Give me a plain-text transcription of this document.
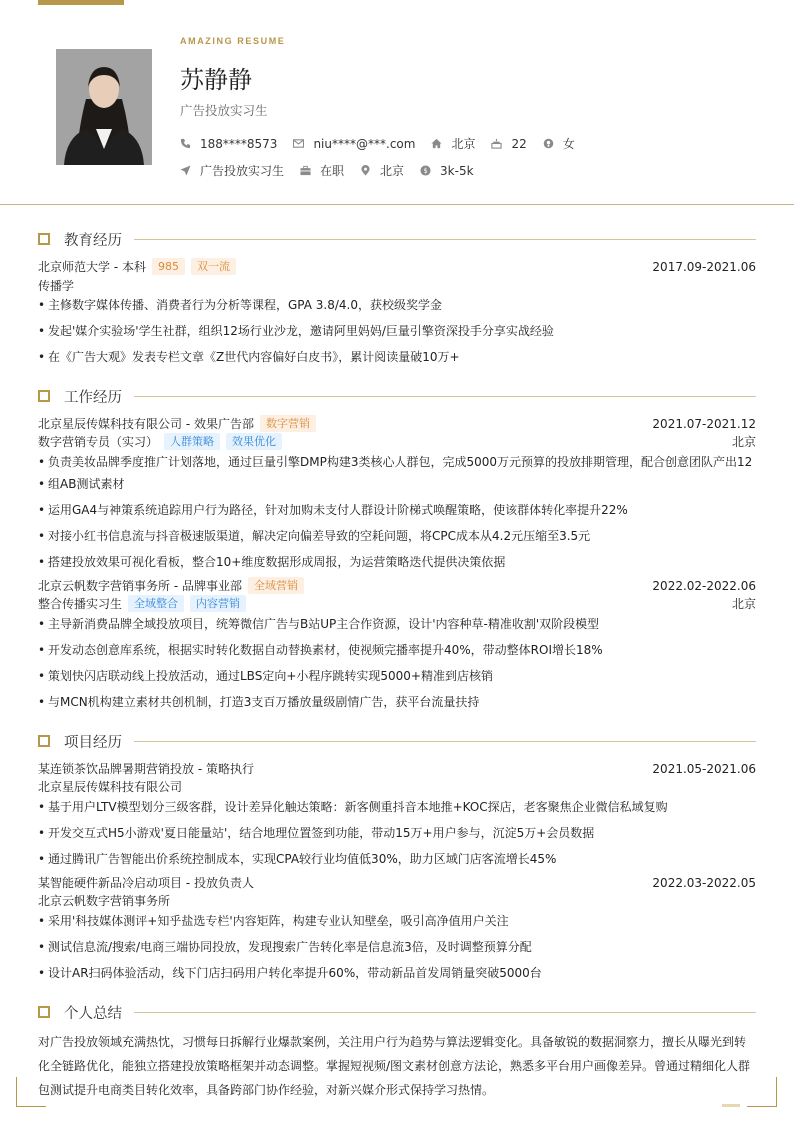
AMAZING RESUME
苏静静
广告投放实习生
188****8573	niu****@***.com	北京	22	女
广告投放实习生	在职	北京	$ 3k-5k
教育经历
北京师范大学 - 本科	985	双一流	2017.09-2021.06
传播学
• 主修数字媒体传播、消费者行为分析等课程，GPA 3.8/4.0，获校级奖学金
• 发起'媒介实验场'学生社群，组织12场行业沙龙，邀请阿里妈妈/巨量引擎资深投手分享实战经验
• 在《广告大观》发表专栏文章《Z世代内容偏好白皮书》，累计阅读量破10万+
工作经历
北京星辰传媒科技有限公司 - 效果广告部	数字营销	2021.07-2021.12
数字营销专员（实习）	人群策略	效果优化	北京
• 负责美妆品牌季度推广计划落地，通过巨量引擎DMP构建3类核心人群包，完成5000万元预算的投放排期管理，配合创意团队产出12
• 组AB测试素材
• 运用GA4与神策系统追踪用户行为路径，针对加购未支付人群设计阶梯式唤醒策略，使该群体转化率提升22%
• 对接小红书信息流与抖音极速版渠道，解决定向偏差导致的空耗问题，将CPC成本从4.2元压缩至3.5元
• 搭建投放效果可视化看板，整合10+维度数据形成周报，为运营策略迭代提供决策依据
北京云帆数字营销事务所 - 品牌事业部	全域营销	2022.02-2022.06
整合传播实习生	全域整合	内容营销	北京
• 主导新消费品牌全域投放项目，统筹微信广告与B站UP主合作资源，设计'内容种草-精准收割'双阶段模型
• 开发动态创意库系统，根据实时转化数据自动替换素材，使视频完播率提升40%，带动整体ROI增长18%
• 策划快闪店联动线上投放活动，通过LBS定向+小程序跳转实现5000+精准到店核销
• 与MCN机构建立素材共创机制，打造3支百万播放量级剧情广告，获平台流量扶持
项目经历
某连锁茶饮品牌暑期营销投放 - 策略执行	2021.05-2021.06
北京星辰传媒科技有限公司
• 基于用户LTV模型划分三级客群，设计差异化触达策略：新客侧重抖音本地推+KOC探店，老客聚焦企业微信私域复购
• 开发交互式H5小游戏'夏日能量站'，结合地理位置签到功能，带动15万+用户参与，沉淀5万+会员数据
• 通过腾讯广告智能出价系统控制成本，实现CPA较行业均值低30%，助力区域门店客流增长45%
某智能硬件新品冷启动项目 - 投放负责人	2022.03-2022.05
北京云帆数字营销事务所
• 采用'科技媒体测评+知乎盐选专栏'内容矩阵，构建专业认知壁垒，吸引高净值用户关注
• 测试信息流/搜索/电商三端协同投放，发现搜索广告转化率是信息流3倍，及时调整预算分配
• 设计AR扫码体验活动，线下门店扫码用户转化率提升60%，带动新品首发周销量突破5000台
个人总结
对广告投放领域充满热忱，习惯每日拆解行业爆款案例，关注用户行为趋势与算法逻辑变化。具备敏锐的数据洞察力，擅长从曝光到转
化全链路优化，能独立搭建投放策略框架并动态调整。掌握短视频/图文素材创意方法论，熟悉多平台用户画像差异。曾通过精细化人群
包测试提升电商类目转化效率，具备跨部门协作经验，对新兴媒介形式保持学习热情。
